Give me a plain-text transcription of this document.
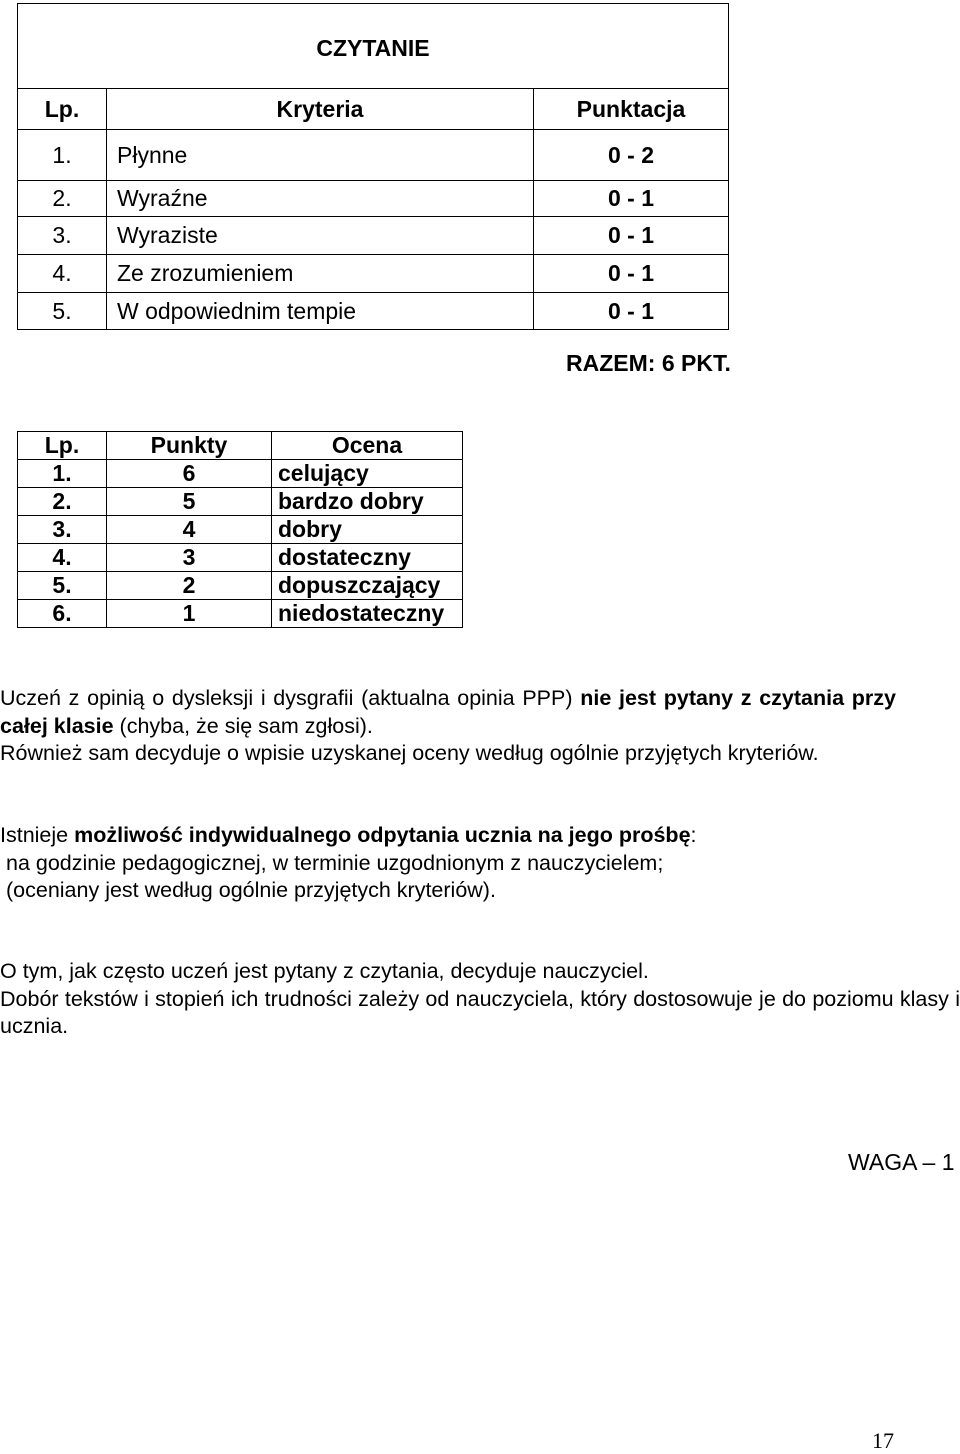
CZYTANIE		
Lp.	Kryteria	Punktacja
1.	Płynne	0 - 2
2.	Wyraźne	0 - 1
3.	Wyraziste	0 - 1
4.	Ze zrozumieniem	0 - 1
5.	W odpowiednim tempie	0 - 1
RAZEM: 6 PKT.
Lp.	Punkty	Ocena
1.	6	celujący
2.	5	bardzo dobry
3.	4	dobry
4.	3	dostateczny
5.	2	dopuszczający
6.	1	niedostateczny
Uczeń z opinią o dysleksji i dysgrafii (aktualna opinia PPP) nie jest pytany z czytania przy całej klasie (chyba, że się sam zgłosi).
Również sam decyduje o wpisie uzyskanej oceny według ogólnie przyjętych kryteriów.
Istnieje możliwość indywidualnego odpytania ucznia na jego prośbę:
na godzinie pedagogicznej, w terminie uzgodnionym z nauczycielem;
(oceniany jest według ogólnie przyjętych kryteriów).
O tym, jak często uczeń jest pytany z czytania, decyduje nauczyciel.
Dobór tekstów i stopień ich trudności zależy od nauczyciela, który dostosowuje je do poziomu klasy i ucznia.
WAGA – 1
17
